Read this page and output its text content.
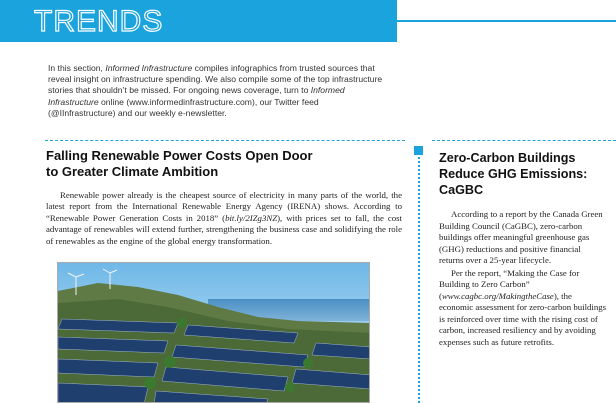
TRENDS
In this section, Informed Infrastructure compiles infographics from trusted sources that reveal insight on infrastructure spending. We also compile some of the top infrastructure stories that shouldn’t be missed. For ongoing news coverage, turn to Informed Infrastructure online (www.informedinfrastructure.com), our Twitter feed (@IInfrastructure) and our weekly e-newsletter.
Falling Renewable Power Costs Open Door
to Greater Climate Ambition
Renewable power already is the cheapest source of electricity in many parts of the world, the latest report from the International Renewable Energy Agency (IRENA) shows. According to “Renewable Power Generation Costs in 2018” (bit.ly/2IZg3NZ), with prices set to fall, the cost advantage of renewables will extend further, strengthening the business case and solidifying the role of renewables as the engine of the global energy transformation.
Zero-Carbon Buildings
Reduce GHG Emissions:
CaGBC

According to a report by the Canada Green Building Council (CaGBC), zero-carbon buildings offer meaningful greenhouse gas (GHG) reductions and positive financial returns over a 25-year lifecycle.

Per the report, “Making the Case for Building to Zero Carbon” (www.cagbc.org/MakingtheCase), the economic assessment for zero-carbon buildings is reinforced over time with the rising cost of carbon, increased resiliency and by avoiding expenses such as future retrofits.
